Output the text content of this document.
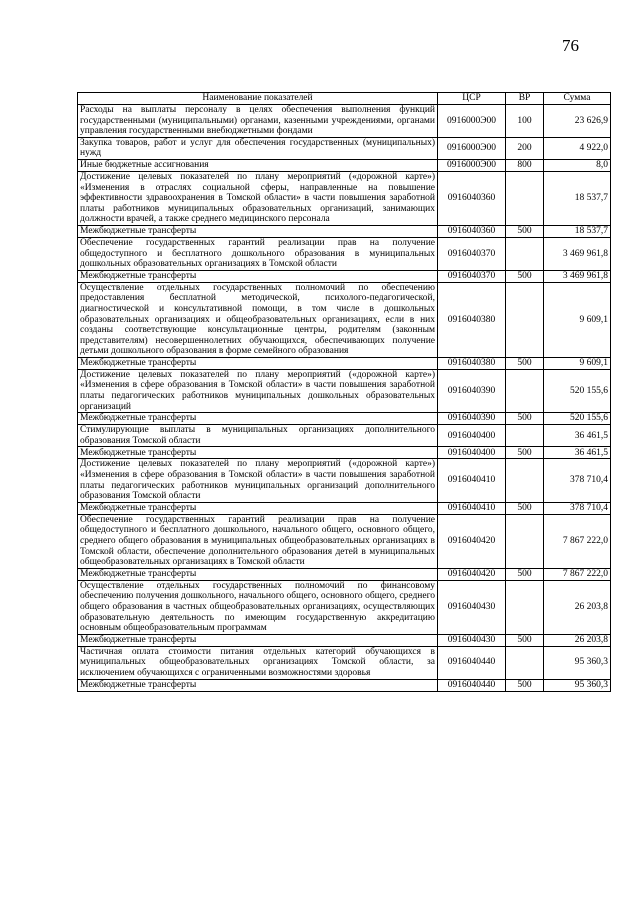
76
Наименование показателей	ЦСР	ВР	Сумма
Расходы на выплаты персоналу в целях обеспечения выполнения функций государственными (муниципальными) органами, казенными учреждениями, органами управления государственными внебюджетными фондами	0916000Э00	100	23 626,9
Закупка товаров, работ и услуг для обеспечения государственных (муниципальных) нужд	0916000Э00	200	4 922,0
Иные бюджетные ассигнования	0916000Э00	800	8,0
Достижение целевых показателей по плану мероприятий («дорожной карте») «Изменения в отраслях социальной сферы, направленные на повышение эффективности здравоохранения в Томской области» в части повышения заработной платы работников муниципальных образовательных организаций, занимающих должности врачей, а также среднего медицинского персонала	0916040360		18 537,7
Межбюджетные трансферты	0916040360	500	18 537,7
Обеспечение государственных гарантий реализации прав на получение общедоступного и бесплатного дошкольного образования в муниципальных дошкольных образовательных организациях в Томской области	0916040370		3 469 961,8
Межбюджетные трансферты	0916040370	500	3 469 961,8
Осуществление отдельных государственных полномочий по обеспечению предоставления бесплатной методической, психолого-педагогической, диагностической и консультативной помощи, в том числе в дошкольных образовательных организациях и общеобразовательных организациях, если в них созданы соответствующие консультационные центры, родителям (законным представителям) несовершеннолетних обучающихся, обеспечивающих получение детьми дошкольного образования в форме семейного образования	0916040380		9 609,1
Межбюджетные трансферты	0916040380	500	9 609,1
Достижение целевых показателей по плану мероприятий («дорожной карте») «Изменения в сфере образования в Томской области» в части повышения заработной платы педагогических работников муниципальных дошкольных образовательных организаций	0916040390		520 155,6
Межбюджетные трансферты	0916040390	500	520 155,6
Стимулирующие выплаты в муниципальных организациях дополнительного образования Томской области	0916040400		36 461,5
Межбюджетные трансферты	0916040400	500	36 461,5
Достижение целевых показателей по плану мероприятий («дорожной карте») «Изменения в сфере образования в Томской области» в части повышения заработной платы педагогических работников муниципальных организаций дополнительного образования Томской области	0916040410		378 710,4
Межбюджетные трансферты	0916040410	500	378 710,4
Обеспечение государственных гарантий реализации прав на получение общедоступного и бесплатного дошкольного, начального общего, основного общего, среднего общего образования в муниципальных общеобразовательных организациях в Томской области, обеспечение дополнительного образования детей в муниципальных общеобразовательных организациях в Томской области	0916040420		7 867 222,0
Межбюджетные трансферты	0916040420	500	7 867 222,0
Осуществление отдельных государственных полномочий по финансовому обеспечению получения дошкольного, начального общего, основного общего, среднего общего образования в частных общеобразовательных организациях, осуществляющих образовательную деятельность по имеющим государственную аккредитацию основным общеобразовательным программам	0916040430		26 203,8
Межбюджетные трансферты	0916040430	500	26 203,8
Частичная оплата стоимости питания отдельных категорий обучающихся в муниципальных общеобразовательных организациях Томской области, за исключением обучающихся с ограниченными возможностями здоровья	0916040440		95 360,3
Межбюджетные трансферты	0916040440	500	95 360,3
